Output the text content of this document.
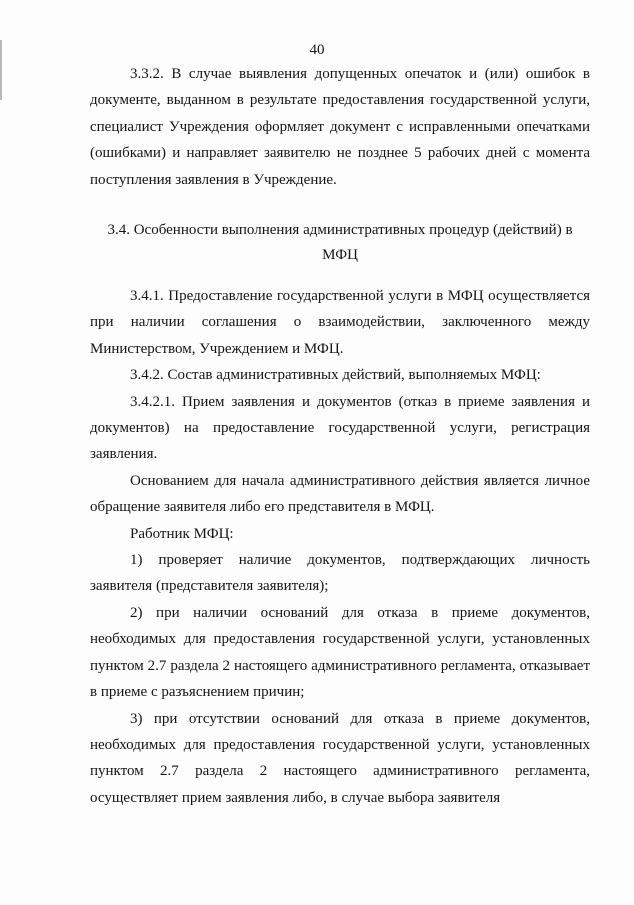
40

3.3.2. В случае выявления допущенных опечаток и (или) ошибок в документе, выданном в результате предоставления государственной услуги, специалист Учреждения оформляет документ с исправленными опечатками (ошибками) и направляет заявителю не позднее 5 рабочих дней с момента поступления заявления в Учреждение.

3.4. Особенности выполнения административных процедур (действий) в МФЦ

3.4.1. Предоставление государственной услуги в МФЦ осуществляется при наличии соглашения о взаимодействии, заключенного между Министерством, Учреждением и МФЦ.

3.4.2. Состав административных действий, выполняемых МФЦ:

3.4.2.1. Прием заявления и документов (отказ в приеме заявления и документов) на предоставление государственной услуги, регистрация заявления.

Основанием для начала административного действия является личное обращение заявителя либо его представителя в МФЦ.

Работник МФЦ:

1) проверяет наличие документов, подтверждающих личность заявителя (представителя заявителя);

2) при наличии оснований для отказа в приеме документов, необходимых для предоставления государственной услуги, установленных пунктом 2.7 раздела 2 настоящего административного регламента, отказывает в приеме с разъяснением причин;

3) при отсутствии оснований для отказа в приеме документов, необходимых для предоставления государственной услуги, установленных пунктом 2.7 раздела 2 настоящего административного регламента, осуществляет прием заявления либо, в случае выбора заявителя
